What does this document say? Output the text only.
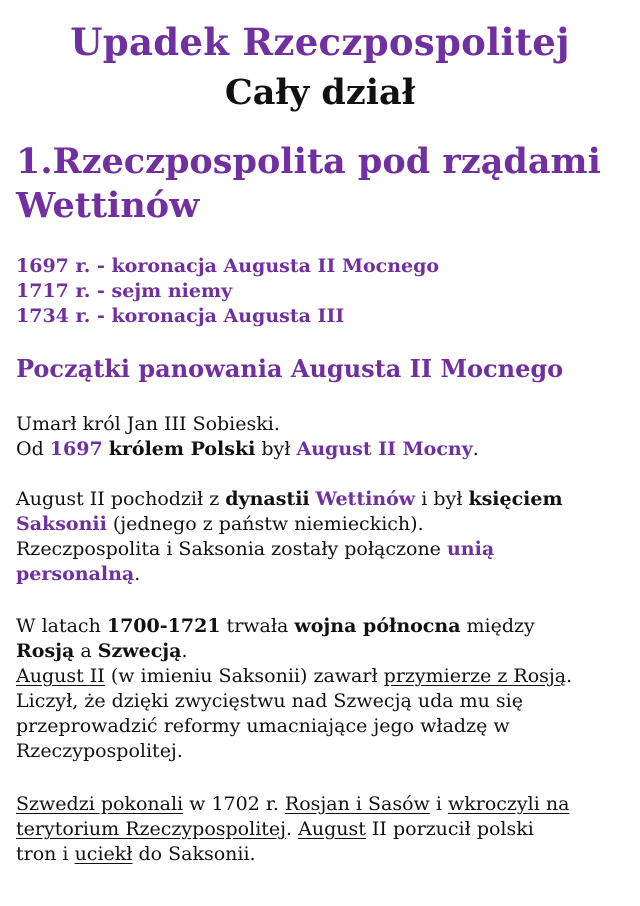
Upadek Rzeczpospolitej
Cały dział
1.Rzeczpospolita pod rządami Wettinów
1697 r. - koronacja Augusta II Mocnego
1717 r. - sejm niemy
1734 r. - koronacja Augusta III
Początki panowania Augusta II Mocnego
Umarł król Jan III Sobieski.
Od 1697 królem Polski był August II Mocny.
August II pochodził z dynastii Wettinów i był księciem
Saksonii (jednego z państw niemieckich).
Rzeczpospolita i Saksonia zostały połączone unią
personalną.
W latach 1700-1721 trwała wojna północna między
Rosją a Szwecją.
August II (w imieniu Saksonii) zawarł przymierze z Rosją.
Liczył, że dzięki zwycięstwu nad Szwecją uda mu się
przeprowadzić reformy umacniające jego władzę w
Rzeczypospolitej.
Szwedzi pokonali w 1702 r. Rosjan i Sasów i wkroczyli na
terytorium Rzeczypospolitej. August II porzucił polski
tron i uciekł do Saksonii.
